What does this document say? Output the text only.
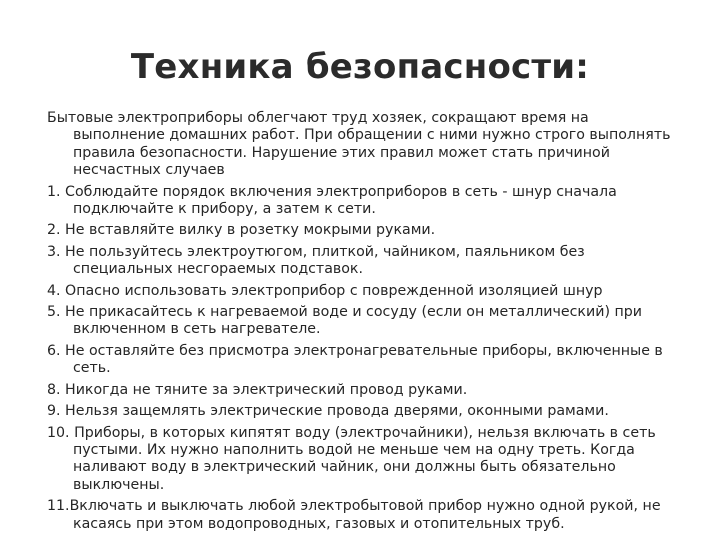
Техника безопасности:

Бытовые электроприборы облегчают труд хозяек, сокращают время на выполнение домашних работ. При обращении с ними нужно строго выполнять правила безопасности. Нарушение этих правил может стать причиной несчастных случаев

1. Соблюдайте порядок включения электроприборов в сеть - шнур сначала подключайте к прибору, а затем к сети.

2. Не вставляйте вилку в розетку мокрыми руками.

3. Не пользуйтесь электроутюгом, плиткой, чайником, паяльником без специальных несгораемых подставок.

4. Опасно использовать электроприбор с поврежденной изоляцией шнур

5. Не прикасайтесь к нагреваемой воде и сосуду (если он металлический) при включенном в сеть нагревателе.

6. Не оставляйте без присмотра электронагревательные приборы, включенные в сеть.

8. Никогда не тяните за электрический провод руками.

9. Нельзя защемлять электрические провода дверями, оконными рамами.

10. Приборы, в которых кипятят воду (электрочайники), нельзя включать в сеть пустыми. Их нужно наполнить водой не меньше чем на одну треть. Когда наливают воду в электрический чайник, они должны быть обязательно выключены.

11.Включать и выключать любой электробытовой прибор нужно одной рукой, не касаясь при этом водопроводных, газовых и отопительных труб.
